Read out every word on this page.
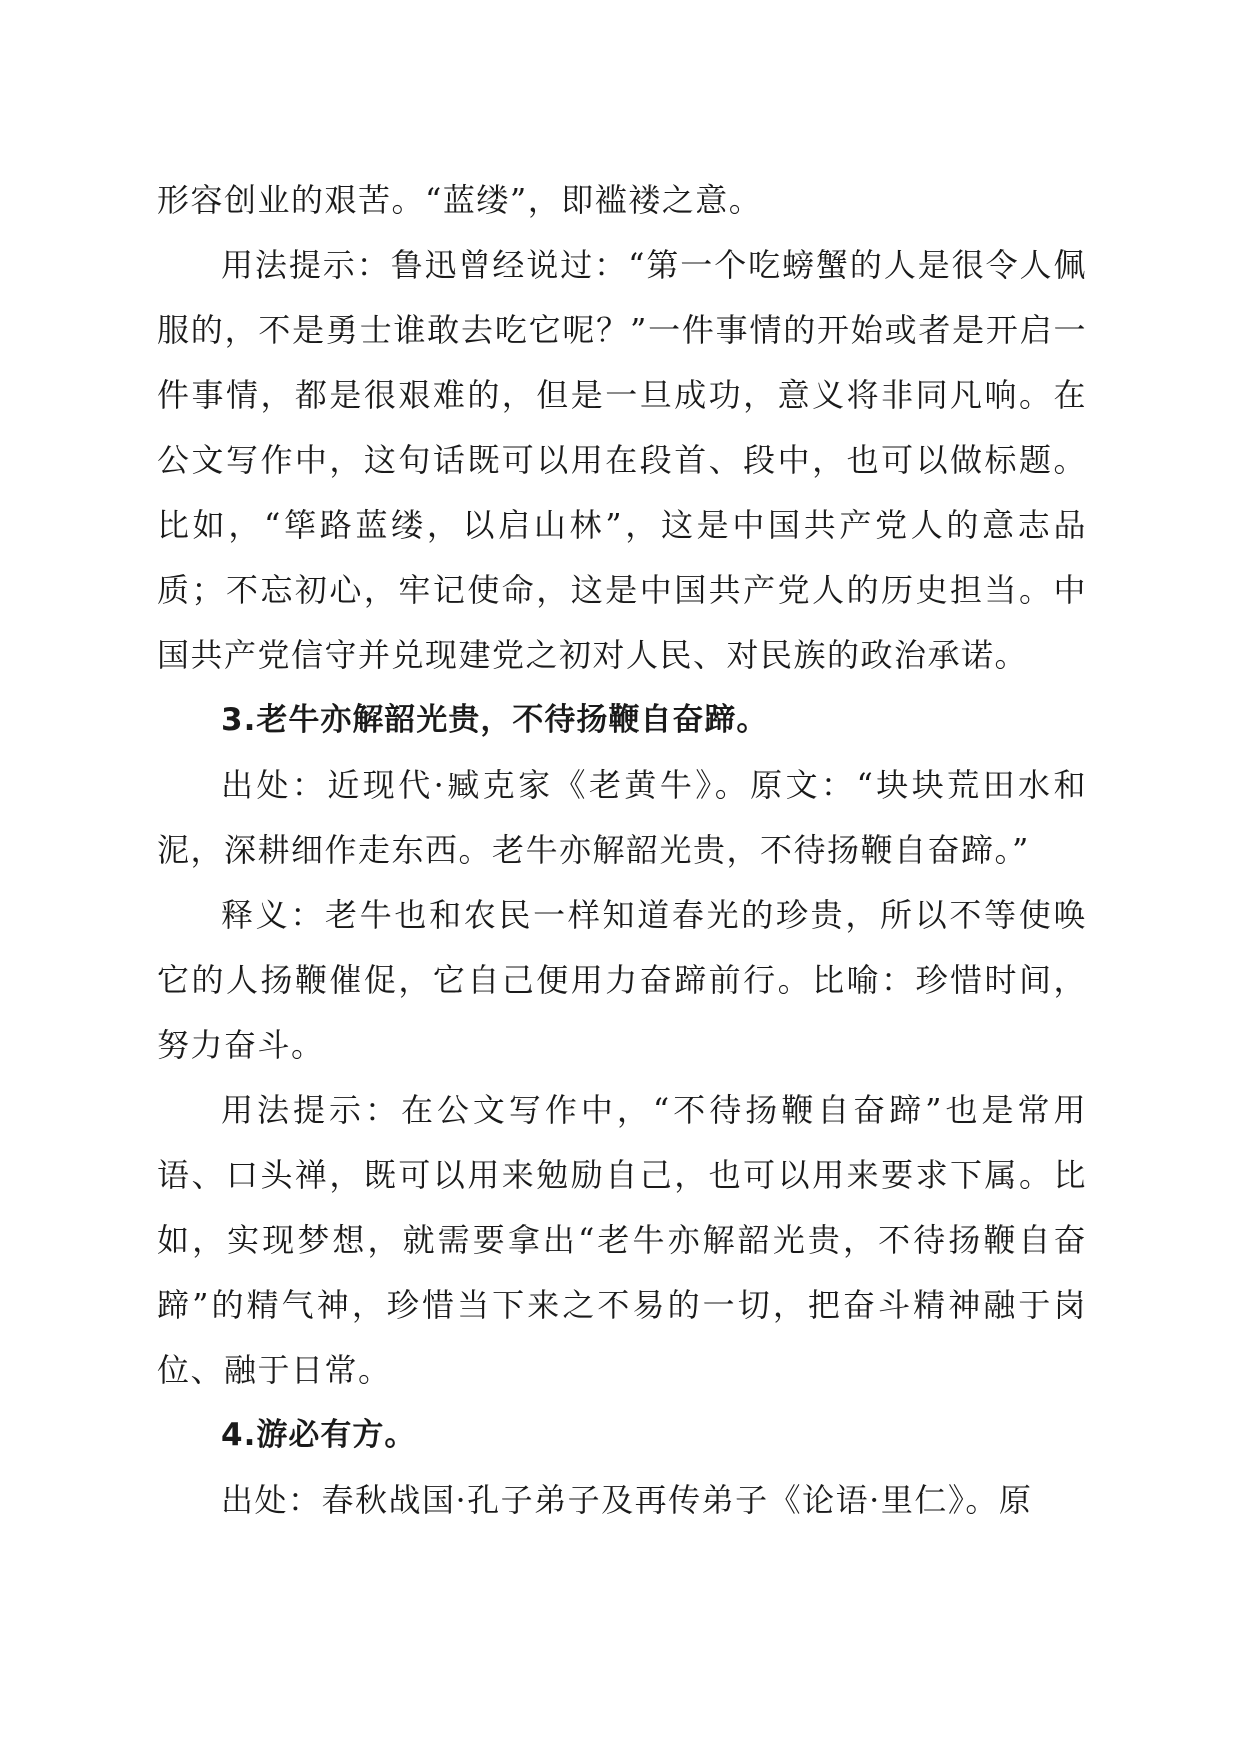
形容创业的艰苦。“蓝缕”，即褴褛之意。

用法提示：鲁迅曾经说过：“第一个吃螃蟹的人是很令人佩服的，不是勇士谁敢去吃它呢？”一件事情的开始或者是开启一件事情，都是很艰难的，但是一旦成功，意义将非同凡响。在公文写作中，这句话既可以用在段首、段中，也可以做标题。比如，“筚路蓝缕，以启山林”，这是中国共产党人的意志品质；不忘初心，牢记使命，这是中国共产党人的历史担当。中国共产党信守并兑现建党之初对人民、对民族的政治承诺。

3.老牛亦解韶光贵，不待扬鞭自奋蹄。

出处：近现代·臧克家《老黄牛》。原文：“块块荒田水和泥，深耕细作走东西。老牛亦解韶光贵，不待扬鞭自奋蹄。”

释义：老牛也和农民一样知道春光的珍贵，所以不等使唤它的人扬鞭催促，它自己便用力奋蹄前行。比喻：珍惜时间，努力奋斗。

用法提示：在公文写作中，“不待扬鞭自奋蹄”也是常用语、口头禅，既可以用来勉励自己，也可以用来要求下属。比如，实现梦想，就需要拿出“老牛亦解韶光贵，不待扬鞭自奋蹄”的精气神，珍惜当下来之不易的一切，把奋斗精神融于岗位、融于日常。

4.游必有方。

出处：春秋战国·孔子弟子及再传弟子《论语·里仁》。原
